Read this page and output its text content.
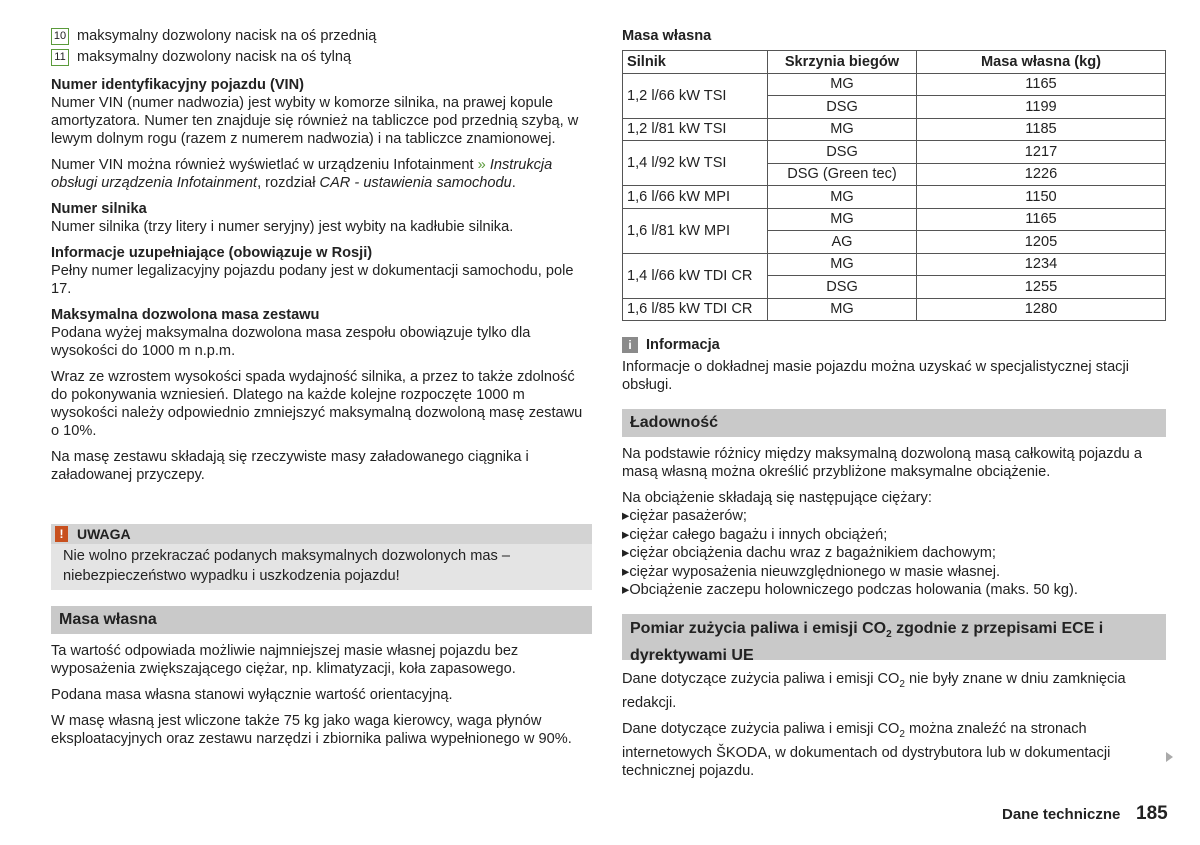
10 maksymalny dozwolony nacisk na oś przednią
11 maksymalny dozwolony nacisk na oś tylną

Numer identyfikacyjny pojazdu (VIN)

Numer VIN (numer nadwozia) jest wybity w komorze silnika, na prawej kopule amortyzatora. Numer ten znajduje się również na tabliczce pod przednią szybą, w lewym dolnym rogu (razem z numerem nadwozia) i na tabliczce znamionowej.

Numer VIN można również wyświetlać w urządzeniu Infotainment » Instrukcja obsługi urządzenia Infotainment, rozdział CAR - ustawienia samochodu.

Numer silnika

Numer silnika (trzy litery i numer seryjny) jest wybity na kadłubie silnika.

Informacje uzupełniające (obowiązuje w Rosji)

Pełny numer legalizacyjny pojazdu podany jest w dokumentacji samochodu, pole 17.

Maksymalna dozwolona masa zestawu

Podana wyżej maksymalna dozwolona masa zespołu obowiązuje tylko dla wysokości do 1000 m n.p.m.

Wraz ze wzrostem wysokości spada wydajność silnika, a przez to także zdolność do pokonywania wzniesień. Dlatego na każde kolejne rozpoczęte 1000 m wysokości należy odpowiednio zmniejszyć maksymalną dozwoloną masę zestawu o 10%.

Na masę zestawu składają się rzeczywiste masy załadowanego ciągnika i załadowanej przyczepy.

! UWAGA
Nie wolno przekraczać podanych maksymalnych dozwolonych mas – niebezpieczeństwo wypadku i uszkodzenia pojazdu!
Masa własna

Ta wartość odpowiada możliwie najmniejszej masie własnej pojazdu bez wyposażenia zwiększającego ciężar, np. klimatyzacji, koła zapasowego.

Podana masa własna stanowi wyłącznie wartość orientacyjną.

W masę własną jest wliczone także 75 kg jako waga kierowcy, waga płynów eksploatacyjnych oraz zestawu narzędzi i zbiornika paliwa wypełnionego w 90%.

Masa własna
Silnik	Skrzynia biegów	Masa własna (kg)
1,2 l/66 kW TSI	MG	1165
	DSG	1199
1,2 l/81 kW TSI	MG	1185
1,4 l/92 kW TSI	DSG	1217
	DSG (Green tec)	1226
1,6 l/66 kW MPI	MG	1150
1,6 l/81 kW MPI	MG	1165
	AG	1205
1,4 l/66 kW TDI CR	MG	1234
	DSG	1255
1,6 l/85 kW TDI CR	MG	1280
i Informacja

Informacje o dokładnej masie pojazdu można uzyskać w specjalistycznej stacji obsługi.

Ładowność

Na podstawie różnicy między maksymalną dozwoloną masą całkowitą pojazdu a masą własną można określić przybliżone maksymalne obciążenie.

Na obciążenie składają się następujące ciężary:

▸ ciężar pasażerów;
▸ ciężar całego bagażu i innych obciążeń;
▸ ciężar obciążenia dachu wraz z bagażnikiem dachowym;
▸ ciężar wyposażenia nieuwzględnionego w masie własnej.
▸ Obciążenie zaczepu holowniczego podczas holowania (maks. 50 kg).
Pomiar zużycia paliwa i emisji $CO_2$ zgodnie z przepisami ECE i dyrektywami UE

Dane dotyczące zużycia paliwa i emisji $CO_2$ nie były znane w dniu zamknięcia redakcji.

Dane dotyczące zużycia paliwa i emisji $CO_2$ można znaleźć na stronach internetowych ŠKODA, w dokumentach od dystrybutora lub w dokumentacji technicznej pojazdu.

Dane techniczne 185
